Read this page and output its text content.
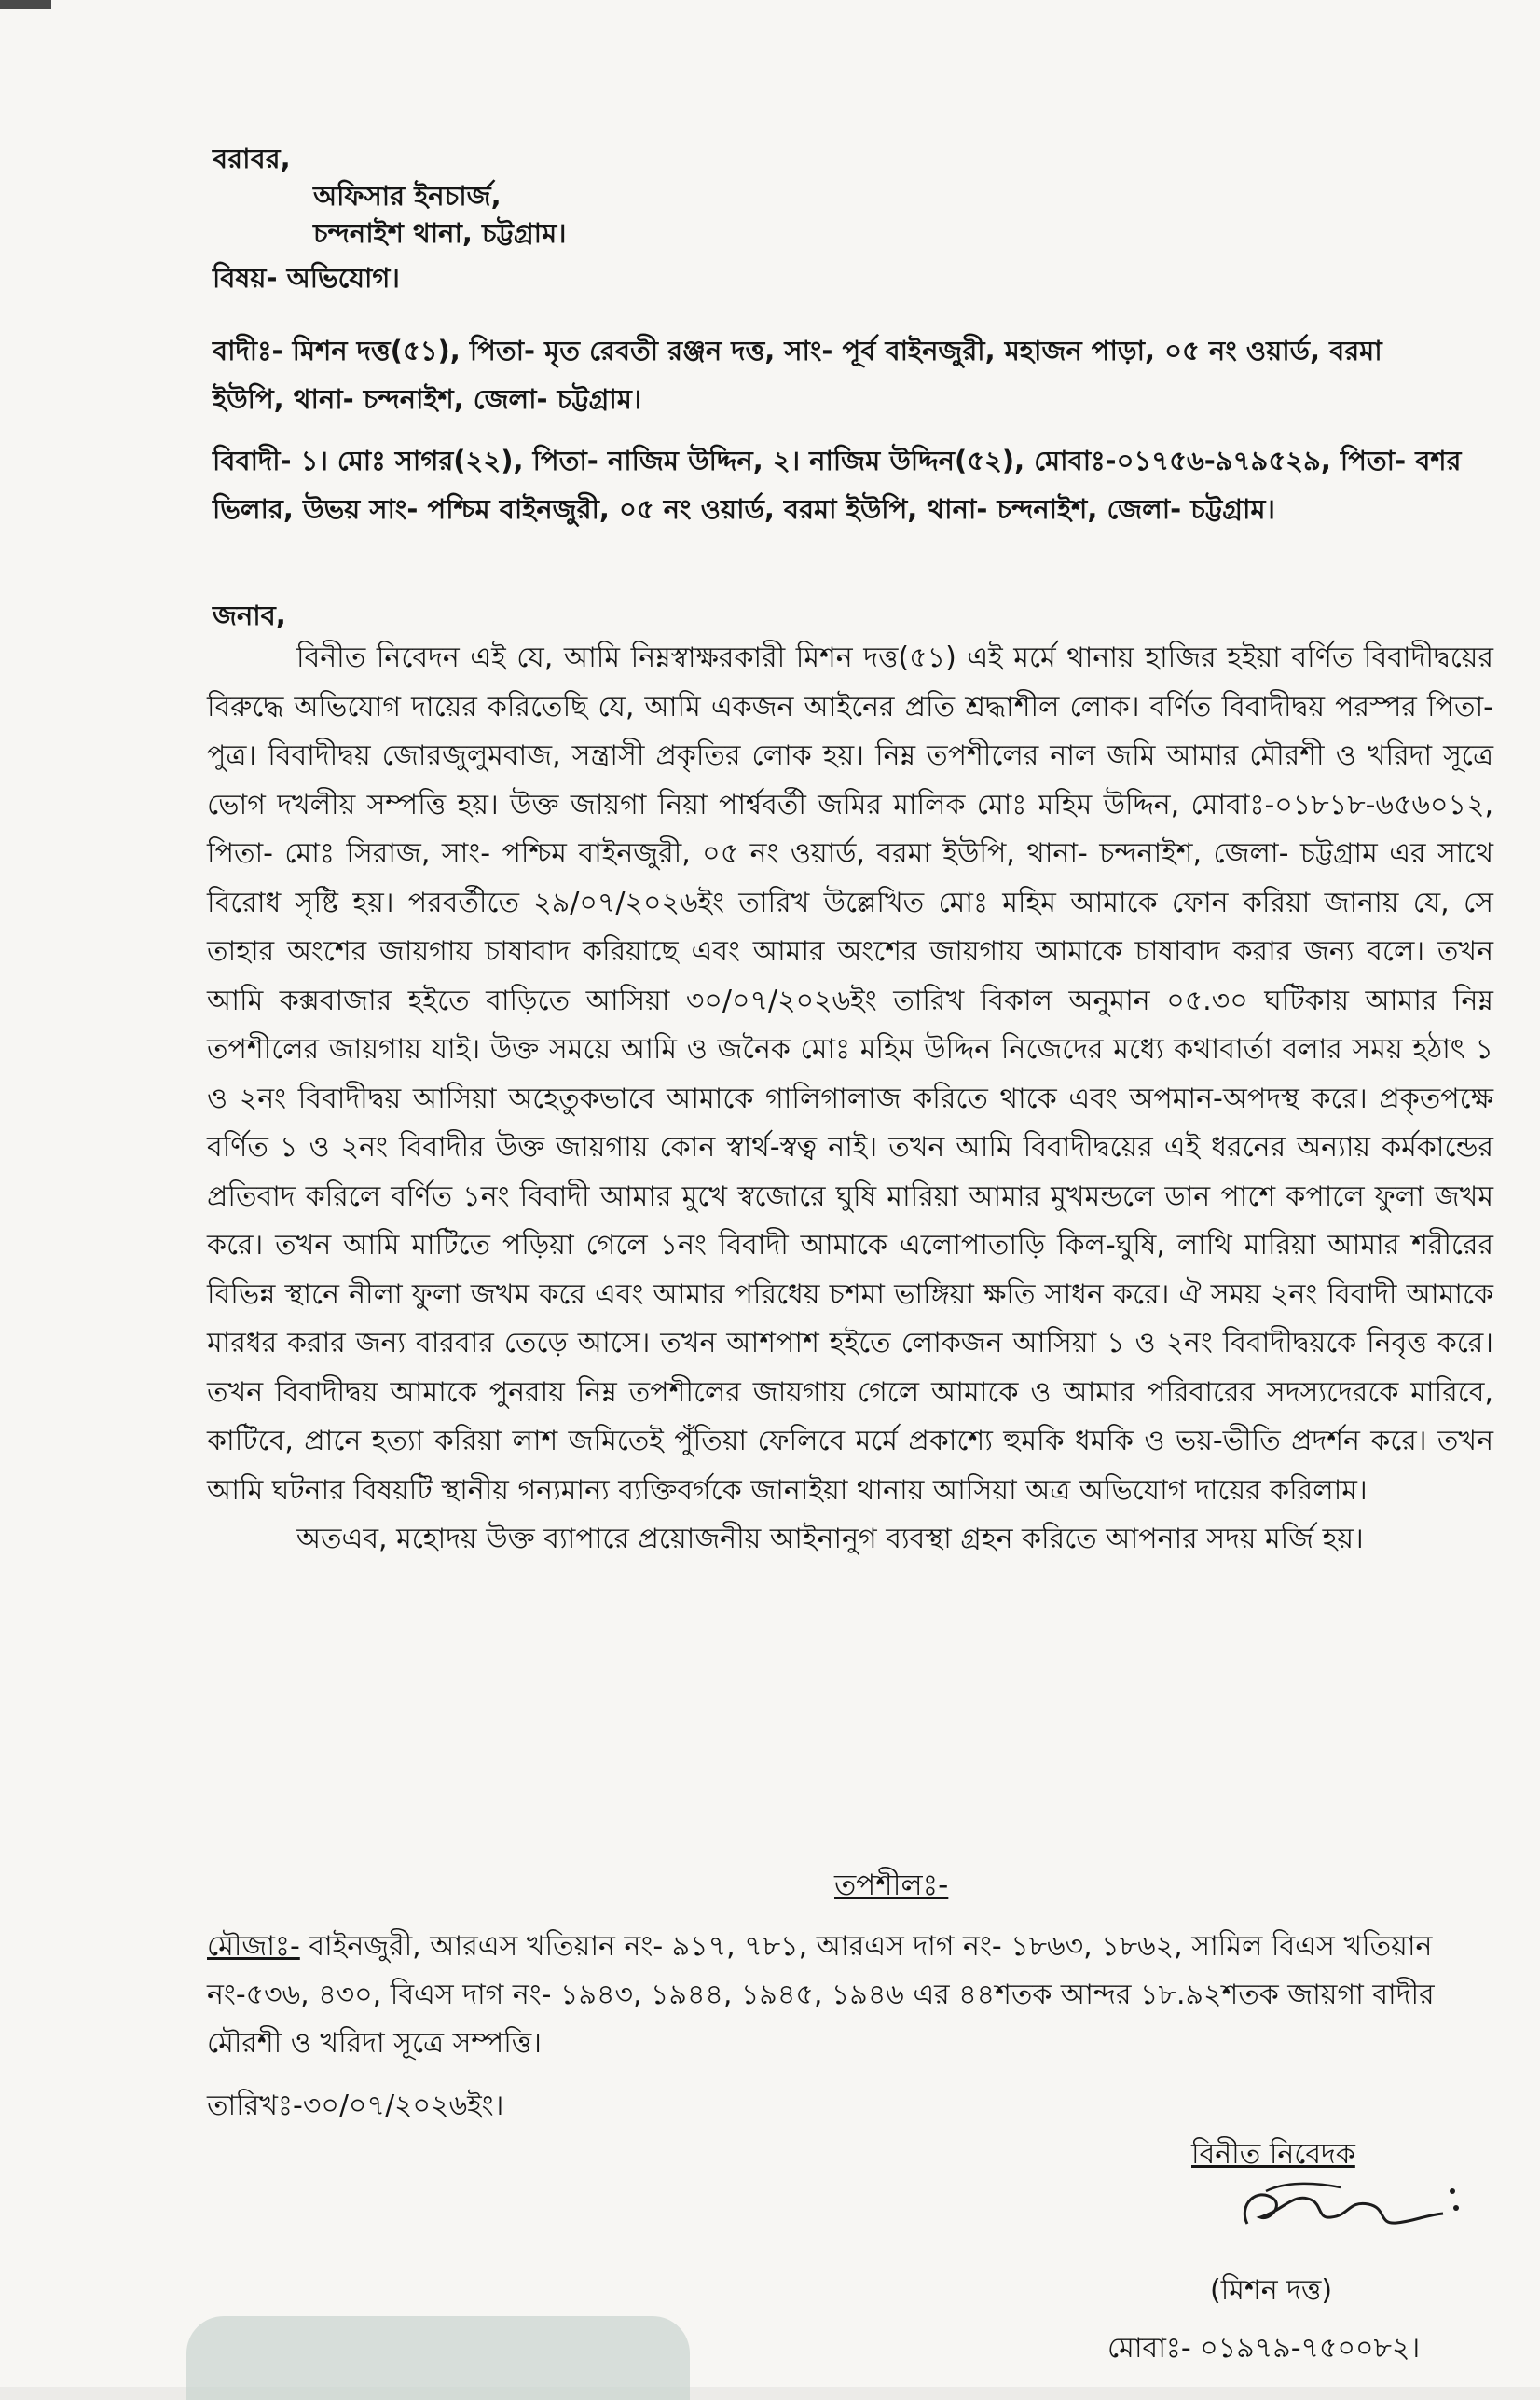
বরাবর,
অফিসার ইনচার্জ,
চন্দনাইশ থানা, চট্টগ্রাম।
বিষয়- অভিযোগ।
বাদীঃ- মিশন দত্ত(৫১), পিতা- মৃত রেবতী রঞ্জন দত্ত, সাং- পূর্ব বাইনজুরী, মহাজন পাড়া, ০৫ নং ওয়ার্ড, বরমা ইউপি, থানা- চন্দনাইশ, জেলা- চট্টগ্রাম।
বিবাদী- ১। মোঃ সাগর(২২), পিতা- নাজিম উদ্দিন, ২। নাজিম উদ্দিন(৫২), মোবাঃ-০১৭৫৬-৯৭৯৫২৯, পিতা- বশর ভিলার, উভয় সাং- পশ্চিম বাইনজুরী, ০৫ নং ওয়ার্ড, বরমা ইউপি, থানা- চন্দনাইশ, জেলা- চট্টগ্রাম।
জনাব,

বিনীত নিবেদন এই যে, আমি নিম্নস্বাক্ষরকারী মিশন দত্ত(৫১) এই মর্মে থানায় হাজির হইয়া বর্ণিত বিবাদীদ্বয়ের বিরুদ্ধে অভিযোগ দায়ের করিতেছি যে, আমি একজন আইনের প্রতি শ্রদ্ধাশীল লোক। বর্ণিত বিবাদীদ্বয় পরস্পর পিতা-পুত্র। বিবাদীদ্বয় জোরজুলুমবাজ, সন্ত্রাসী প্রকৃতির লোক হয়। নিম্ন তপশীলের নাল জমি আমার মৌরশী ও খরিদা সূত্রে ভোগ দখলীয় সম্পত্তি হয়। উক্ত জায়গা নিয়া পার্শ্ববর্তী জমির মালিক মোঃ মহিম উদ্দিন, মোবাঃ-০১৮১৮-৬৫৬০১২, পিতা- মোঃ সিরাজ, সাং- পশ্চিম বাইনজুরী, ০৫ নং ওয়ার্ড, বরমা ইউপি, থানা- চন্দনাইশ, জেলা- চট্টগ্রাম এর সাথে বিরোধ সৃষ্টি হয়। পরবর্তীতে ২৯/০৭/২০২৬ইং তারিখ উল্লেখিত মোঃ মহিম আমাকে ফোন করিয়া জানায় যে, সে তাহার অংশের জায়গায় চাষাবাদ করিয়াছে এবং আমার অংশের জায়গায় আমাকে চাষাবাদ করার জন্য বলে। তখন আমি কক্সবাজার হইতে বাড়িতে আসিয়া ৩০/০৭/২০২৬ইং তারিখ বিকাল অনুমান ০৫.৩০ ঘটিকায় আমার নিম্ন তপশীলের জায়গায় যাই। উক্ত সময়ে আমি ও জনৈক মোঃ মহিম উদ্দিন নিজেদের মধ্যে কথাবার্তা বলার সময় হঠাৎ ১ ও ২নং বিবাদীদ্বয় আসিয়া অহেতুকভাবে আমাকে গালিগালাজ করিতে থাকে এবং অপমান-অপদস্থ করে। প্রকৃতপক্ষে বর্ণিত ১ ও ২নং বিবাদীর উক্ত জায়গায় কোন স্বার্থ-স্বত্ব নাই। তখন আমি বিবাদীদ্বয়ের এই ধরনের অন্যায় কর্মকান্ডের প্রতিবাদ করিলে বর্ণিত ১নং বিবাদী আমার মুখে স্বজোরে ঘুষি মারিয়া আমার মুখমন্ডলে ডান পাশে কপালে ফুলা জখম করে। তখন আমি মাটিতে পড়িয়া গেলে ১নং বিবাদী আমাকে এলোপাতাড়ি কিল-ঘুষি, লাথি মারিয়া আমার শরীরের বিভিন্ন স্থানে নীলা ফুলা জখম করে এবং আমার পরিধেয় চশমা ভাঙ্গিয়া ক্ষতি সাধন করে। ঐ সময় ২নং বিবাদী আমাকে মারধর করার জন্য বারবার তেড়ে আসে। তখন আশপাশ হইতে লোকজন আসিয়া ১ ও ২নং বিবাদীদ্বয়কে নিবৃত্ত করে। তখন বিবাদীদ্বয় আমাকে পুনরায় নিম্ন তপশীলের জায়গায় গেলে আমাকে ও আমার পরিবারের সদস্যদেরকে মারিবে, কাটিবে, প্রানে হত্যা করিয়া লাশ জমিতেই পুঁতিয়া ফেলিবে মর্মে প্রকাশ্যে হুমকি ধমকি ও ভয়-ভীতি প্রদর্শন করে। তখন আমি ঘটনার বিষয়টি স্থানীয় গন্যমান্য ব্যক্তিবর্গকে জানাইয়া থানায় আসিয়া অত্র অভিযোগ দায়ের করিলাম।

অতএব, মহোদয় উক্ত ব্যাপারে প্রয়োজনীয় আইনানুগ ব্যবস্থা গ্রহন করিতে আপনার সদয় মর্জি হয়।

তপশীলঃ-
মৌজাঃ- বাইনজুরী, আরএস খতিয়ান নং- ৯১৭, ৭৮১, আরএস দাগ নং- ১৮৬৩, ১৮৬২, সামিল বিএস খতিয়ান নং-৫৩৬, ৪৩০, বিএস দাগ নং- ১৯৪৩, ১৯৪৪, ১৯৪৫, ১৯৪৬ এর ৪৪শতক আন্দর ১৮.৯২শতক জায়গা বাদীর মৌরশী ও খরিদা সূত্রে সম্পত্তি।
তারিখঃ-৩০/০৭/২০২৬ইং।
বিনীত নিবেদক
(মিশন দত্ত)
মোবাঃ- ০১৯৭৯-৭৫০০৮২।
